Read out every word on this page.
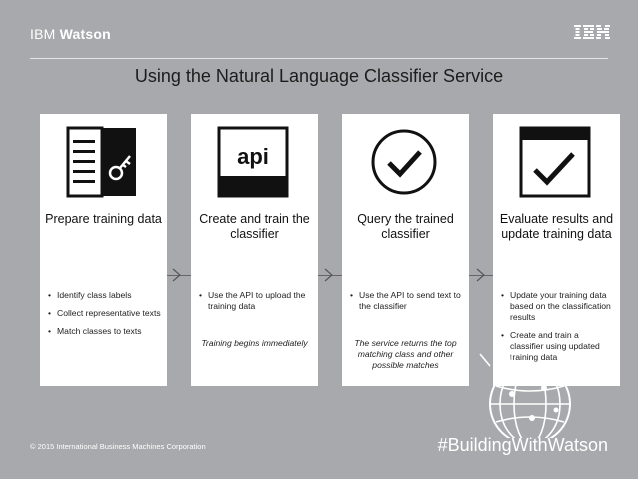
IBM Watson
Using the Natural Language Classifier Service
Prepare training data
• Identify class labels
• Collect representative texts
• Match classes to texts
api
Create and train the classifier
• Use the API to upload the training data
Training begins immediately
Query the trained classifier
• Use the API to send text to the classifier
The service returns the top matching class and other possible matches
Evaluate results and update training data
• Update your training data based on the classification results
• Create and train a classifier using updated training data
© 2015 International Business Machines Corporation	#BuildingWithWatson
